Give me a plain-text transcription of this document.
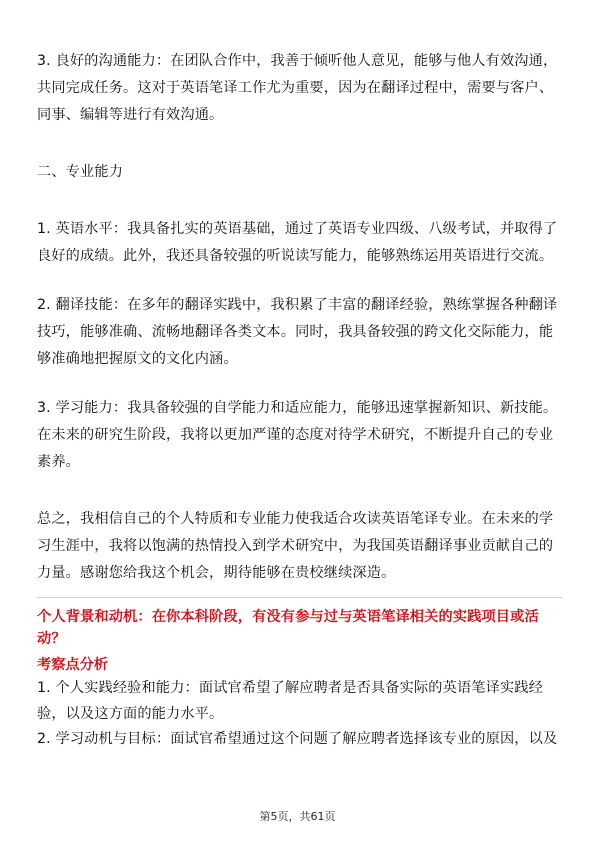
3. 良好的沟通能力：在团队合作中，我善于倾听他人意见，能够与他人有效沟通，共同完成任务。这对于英语笔译工作尤为重要，因为在翻译过程中，需要与客户、同事、编辑等进行有效沟通。

二、专业能力

1. 英语水平：我具备扎实的英语基础，通过了英语专业四级、八级考试，并取得了良好的成绩。此外，我还具备较强的听说读写能力，能够熟练运用英语进行交流。

2. 翻译技能：在多年的翻译实践中，我积累了丰富的翻译经验，熟练掌握各种翻译技巧，能够准确、流畅地翻译各类文本。同时，我具备较强的跨文化交际能力，能够准确地把握原文的文化内涵。

3. 学习能力：我具备较强的自学能力和适应能力，能够迅速掌握新知识、新技能。在未来的研究生阶段，我将以更加严谨的态度对待学术研究，不断提升自己的专业素养。

总之，我相信自己的个人特质和专业能力使我适合攻读英语笔译专业。在未来的学习生涯中，我将以饱满的热情投入到学术研究中，为我国英语翻译事业贡献自己的力量。感谢您给我这个机会，期待能够在贵校继续深造。

个人背景和动机：在你本科阶段，有没有参与过与英语笔译相关的实践项目或活动？

考察点分析

1. 个人实践经验和能力：面试官希望了解应聘者是否具备实际的英语笔译实践经验，以及这方面的能力水平。

2. 学习动机与目标：面试官希望通过这个问题了解应聘者选择该专业的原因，以及

第5页，共61页
